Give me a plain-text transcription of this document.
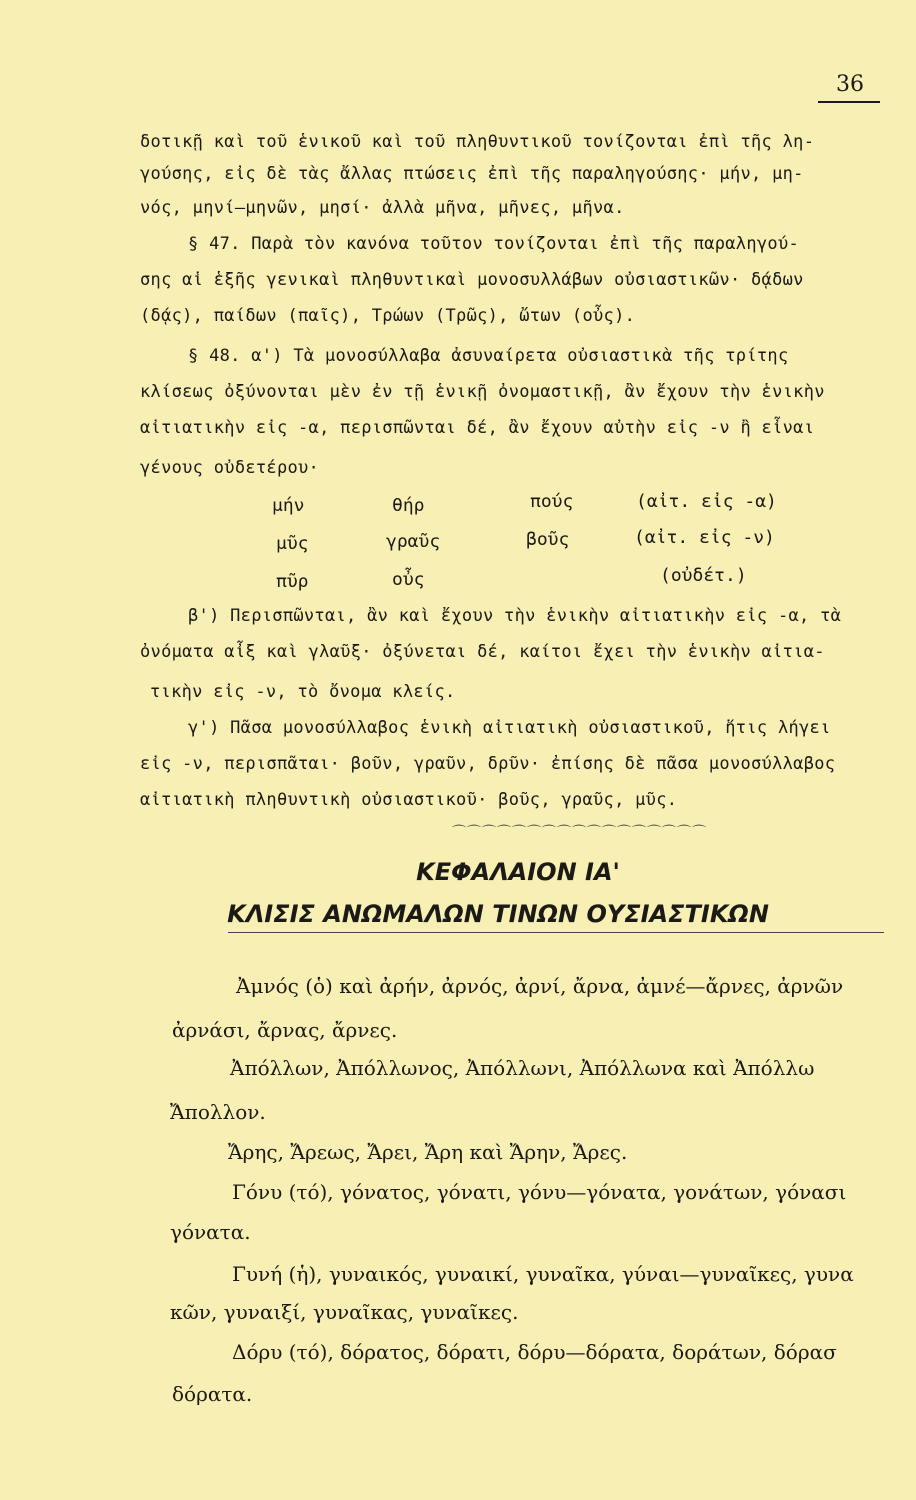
36
δοτικῇ καὶ τοῦ ἑνικοῦ καὶ τοῦ πληθυντικοῦ τονίζονται ἐπὶ τῆς λη-
γούσης, εἰς δὲ τὰς ἄλλας πτώσεις ἐπὶ τῆς παραληγούσης· μήν, μη-
νός, μηνί—μηνῶν, μησί· ἀλλὰ μῆνα, μῆνες, μῆνα.
§ 47. Παρὰ τὸν κανόνα τοῦτον τονίζονται ἐπὶ τῆς παραληγού-
σης αἱ ἑξῆς γενικαὶ πληθυντικαὶ μονοσυλλάβων οὐσιαστικῶν· δᾴδων
(δᾴς), παίδων (παῖς), Τρώων (Τρῶς), ὤτων (οὖς).
§ 48. α') Τὰ μονοσύλλαβα ἀσυναίρετα οὐσιαστικὰ τῆς τρίτης
κλίσεως ὀξύνονται μὲν ἐν τῇ ἑνικῇ ὀνομαστικῇ, ἂν ἔχουν τὴν ἑνικὴν
αἰτιατικὴν εἰς -α, περισπῶνται δέ, ἂν ἔχουν αὐτὴν εἰς -ν ἢ εἶναι
γένους οὐδετέρου·
μήν	θήρ	πούς	(αἰτ. εἰς -α)
μῦς	γραῦς	βοῦς	(αἰτ. εἰς -ν)
πῦρ	οὖς	(οὐδέτ.)
β') Περισπῶνται, ἂν καὶ ἔχουν τὴν ἑνικὴν αἰτιατικὴν εἰς -α, τὰ
ὀνόματα αἶξ καὶ γλαῦξ· ὀξύνεται δέ, καίτοι ἔχει τὴν ἑνικὴν αἰτια-
τικὴν εἰς -ν, τὸ ὄνομα κλείς.
γ') Πᾶσα μονοσύλλαβος ἑνικὴ αἰτιατικὴ οὐσιαστικοῦ, ἥτις λήγει
εἰς -ν, περισπᾶται· βοῦν, γραῦν, δρῦν· ἐπίσης δὲ πᾶσα μονοσύλλαβος
αἰτιατικὴ πληθυντικὴ οὐσιαστικοῦ· βοῦς, γραῦς, μῦς.
⌒⌒⌒⌒⌒⌒⌒⌒⌒⌒⌒⌒⌒⌒⌒⌒⌒
ΚΕΦΑΛΑΙΟΝ ΙΑ'
ΚΛΙΣΙΣ ΑΝΩΜΑΛΩΝ ΤΙΝΩΝ ΟΥΣΙΑΣΤΙΚΩΝ
Ἀμνός (ὁ) καὶ ἀρήν, ἀρνός, ἀρνί, ἄρνα, ἀμνέ—ἄρνες, ἀρνῶν
ἀρνάσι, ἄρνας, ἄρνες.
Ἀπόλλων, Ἀπόλλωνος, Ἀπόλλωνι, Ἀπόλλωνα καὶ Ἀπόλλω
Ἄπολλον.
Ἄρης, Ἄρεως, Ἄρει, Ἄρη καὶ Ἄρην, Ἄρες.
Γόνυ (τό), γόνατος, γόνατι, γόνυ—γόνατα, γονάτων, γόνασι
γόνατα.
Γυνή (ἡ), γυναικός, γυναικί, γυναῖκα, γύναι—γυναῖκες, γυνα
κῶν, γυναιξί, γυναῖκας, γυναῖκες.
Δόρυ (τό), δόρατος, δόρατι, δόρυ—δόρατα, δοράτων, δόρασ
δόρατα.
